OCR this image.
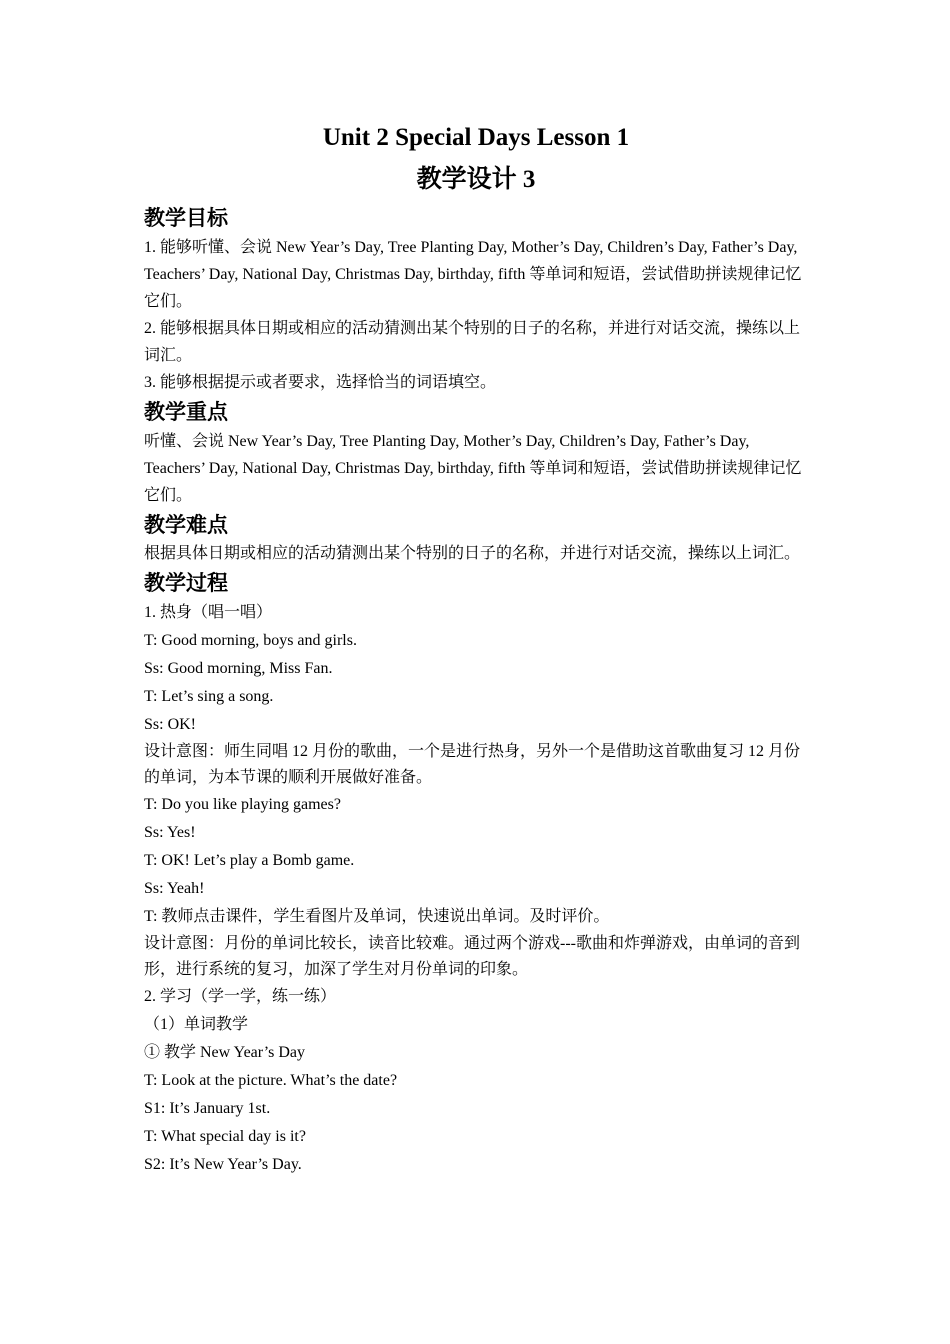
Unit 2 Special Days Lesson 1

教学设计 3

教学目标

1. 能够听懂、会说 New Year’s Day, Tree Planting Day, Mother’s Day, Children’s Day, Father’s Day, Teachers’ Day, National Day, Christmas Day, birthday, fifth 等单词和短语，尝试借助拼读规律记忆它们。

2. 能够根据具体日期或相应的活动猜测出某个特别的日子的名称，并进行对话交流，操练以上词汇。

3. 能够根据提示或者要求，选择恰当的词语填空。

教学重点

听懂、会说 New Year’s Day, Tree Planting Day, Mother’s Day, Children’s Day, Father’s Day, Teachers’ Day, National Day, Christmas Day, birthday, fifth 等单词和短语，尝试借助拼读规律记忆它们。

教学难点

根据具体日期或相应的活动猜测出某个特别的日子的名称，并进行对话交流，操练以上词汇。

教学过程

1. 热身（唱一唱）

T: Good morning, boys and girls.

Ss: Good morning, Miss Fan.

T: Let’s sing a song.

Ss: OK!

设计意图：师生同唱 12 月份的歌曲，一个是进行热身，另外一个是借助这首歌曲复习 12 月份的单词，为本节课的顺利开展做好准备。

T: Do you like playing games?

Ss: Yes!

T: OK! Let’s play a Bomb game.

Ss: Yeah!

T: 教师点击课件，学生看图片及单词，快速说出单词。及时评价。

设计意图：月份的单词比较长，读音比较难。通过两个游戏---歌曲和炸弹游戏，由单词的音到形，进行系统的复习，加深了学生对月份单词的印象。

2. 学习（学一学，练一练）

（1）单词教学

① 教学 New Year’s Day

T: Look at the picture. What’s the date?

S1: It’s January 1st.

T: What special day is it?

S2: It’s New Year’s Day.
